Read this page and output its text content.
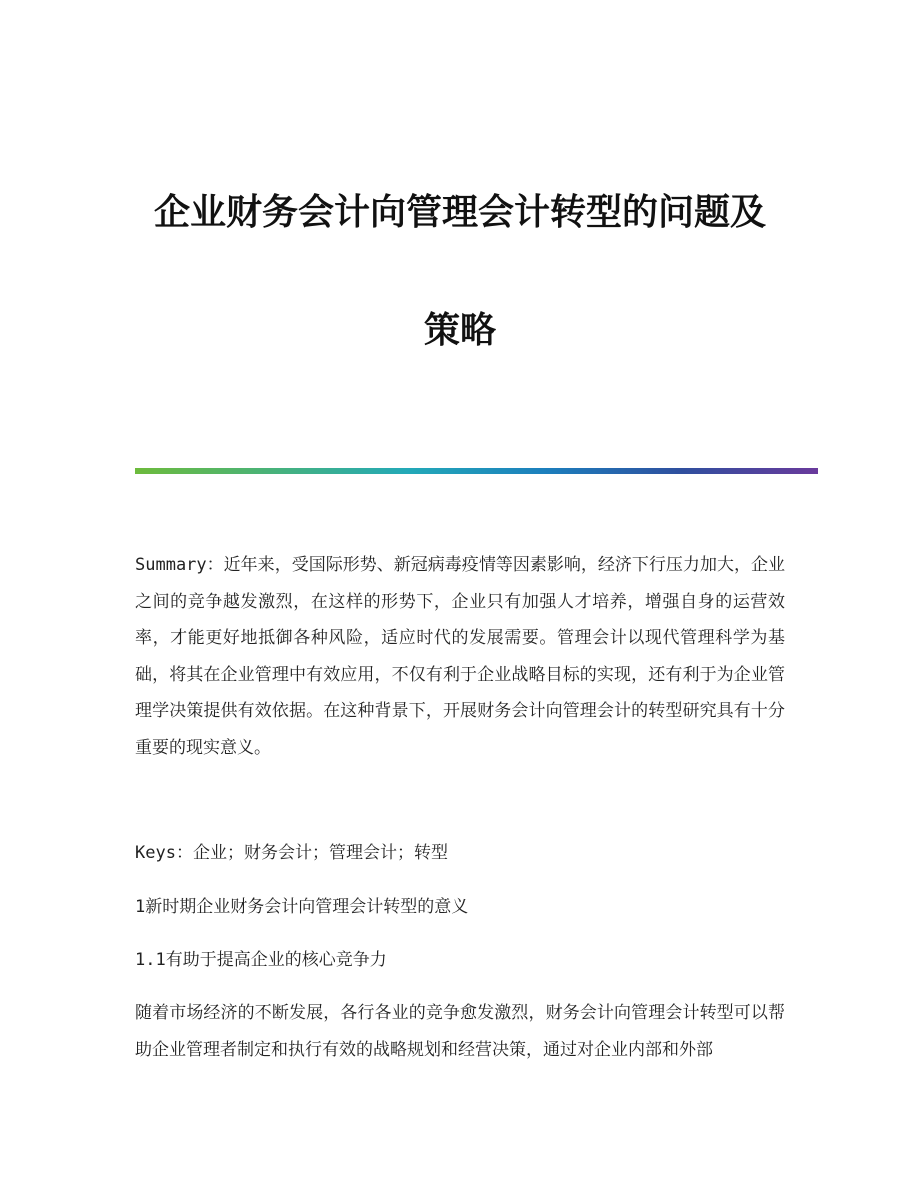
企业财务会计向管理会计转型的问题及
策略

Summary：近年来，受国际形势、新冠病毒疫情等因素影响，经济下行压力加大，企业之间的竞争越发激烈，在这样的形势下，企业只有加强人才培养，增强自身的运营效率，才能更好地抵御各种风险，适应时代的发展需要。管理会计以现代管理科学为基础，将其在企业管理中有效应用，不仅有利于企业战略目标的实现，还有利于为企业管理学决策提供有效依据。在这种背景下，开展财务会计向管理会计的转型研究具有十分重要的现实意义。

Keys：企业；财务会计；管理会计；转型

1新时期企业财务会计向管理会计转型的意义

1.1有助于提高企业的核心竞争力

随着市场经济的不断发展，各行各业的竞争愈发激烈，财务会计向管理会计转型可以帮助企业管理者制定和执行有效的战略规划和经营决策，通过对企业内部和外部
